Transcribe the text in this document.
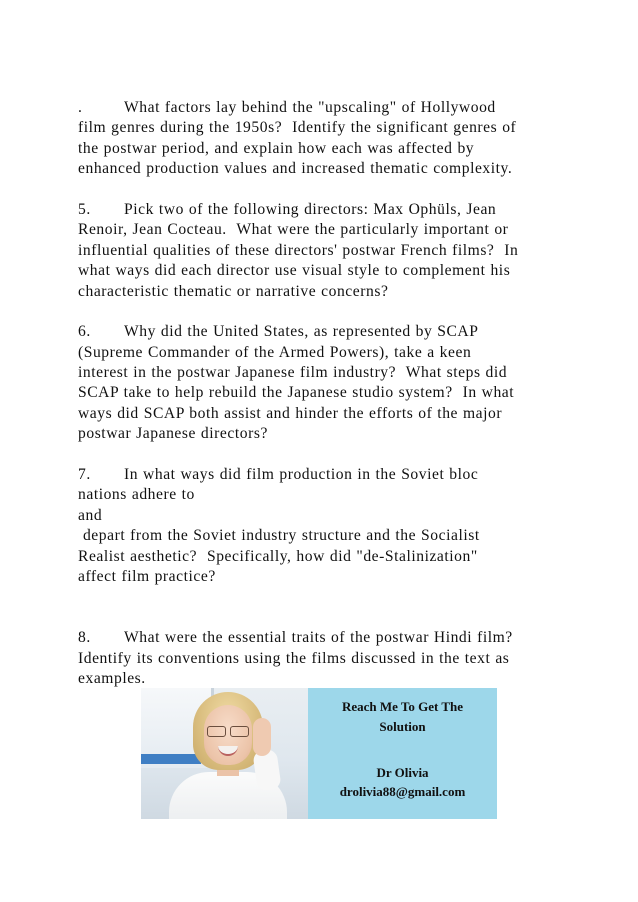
.	What factors lay behind the "upscaling" of Hollywood
film genres during the 1950s?  Identify the significant genres of
the postwar period, and explain how each was affected by
enhanced production values and increased thematic complexity.
5. Pick two of the following directors: Max Ophüls, Jean
Renoir, Jean Cocteau.  What were the particularly important or
influential qualities of these directors' postwar French films?  In
what ways did each director use visual style to complement his
characteristic thematic or narrative concerns?
6. Why did the United States, as represented by SCAP
(Supreme Commander of the Armed Powers), take a keen
interest in the postwar Japanese film industry?  What steps did
SCAP take to help rebuild the Japanese studio system?  In what
ways did SCAP both assist and hinder the efforts of the major
postwar Japanese directors?
7. In what ways did film production in the Soviet bloc
nations adhere to
and
depart from the Soviet industry structure and the Socialist
Realist aesthetic?  Specifically, how did "de-Stalinization"
affect film practice?
8. What were the essential traits of the postwar Hindi film?
Identify its conventions using the films discussed in the text as
examples.
Reach Me To Get The
Solution
Dr Olivia
drolivia88@gmail.com
